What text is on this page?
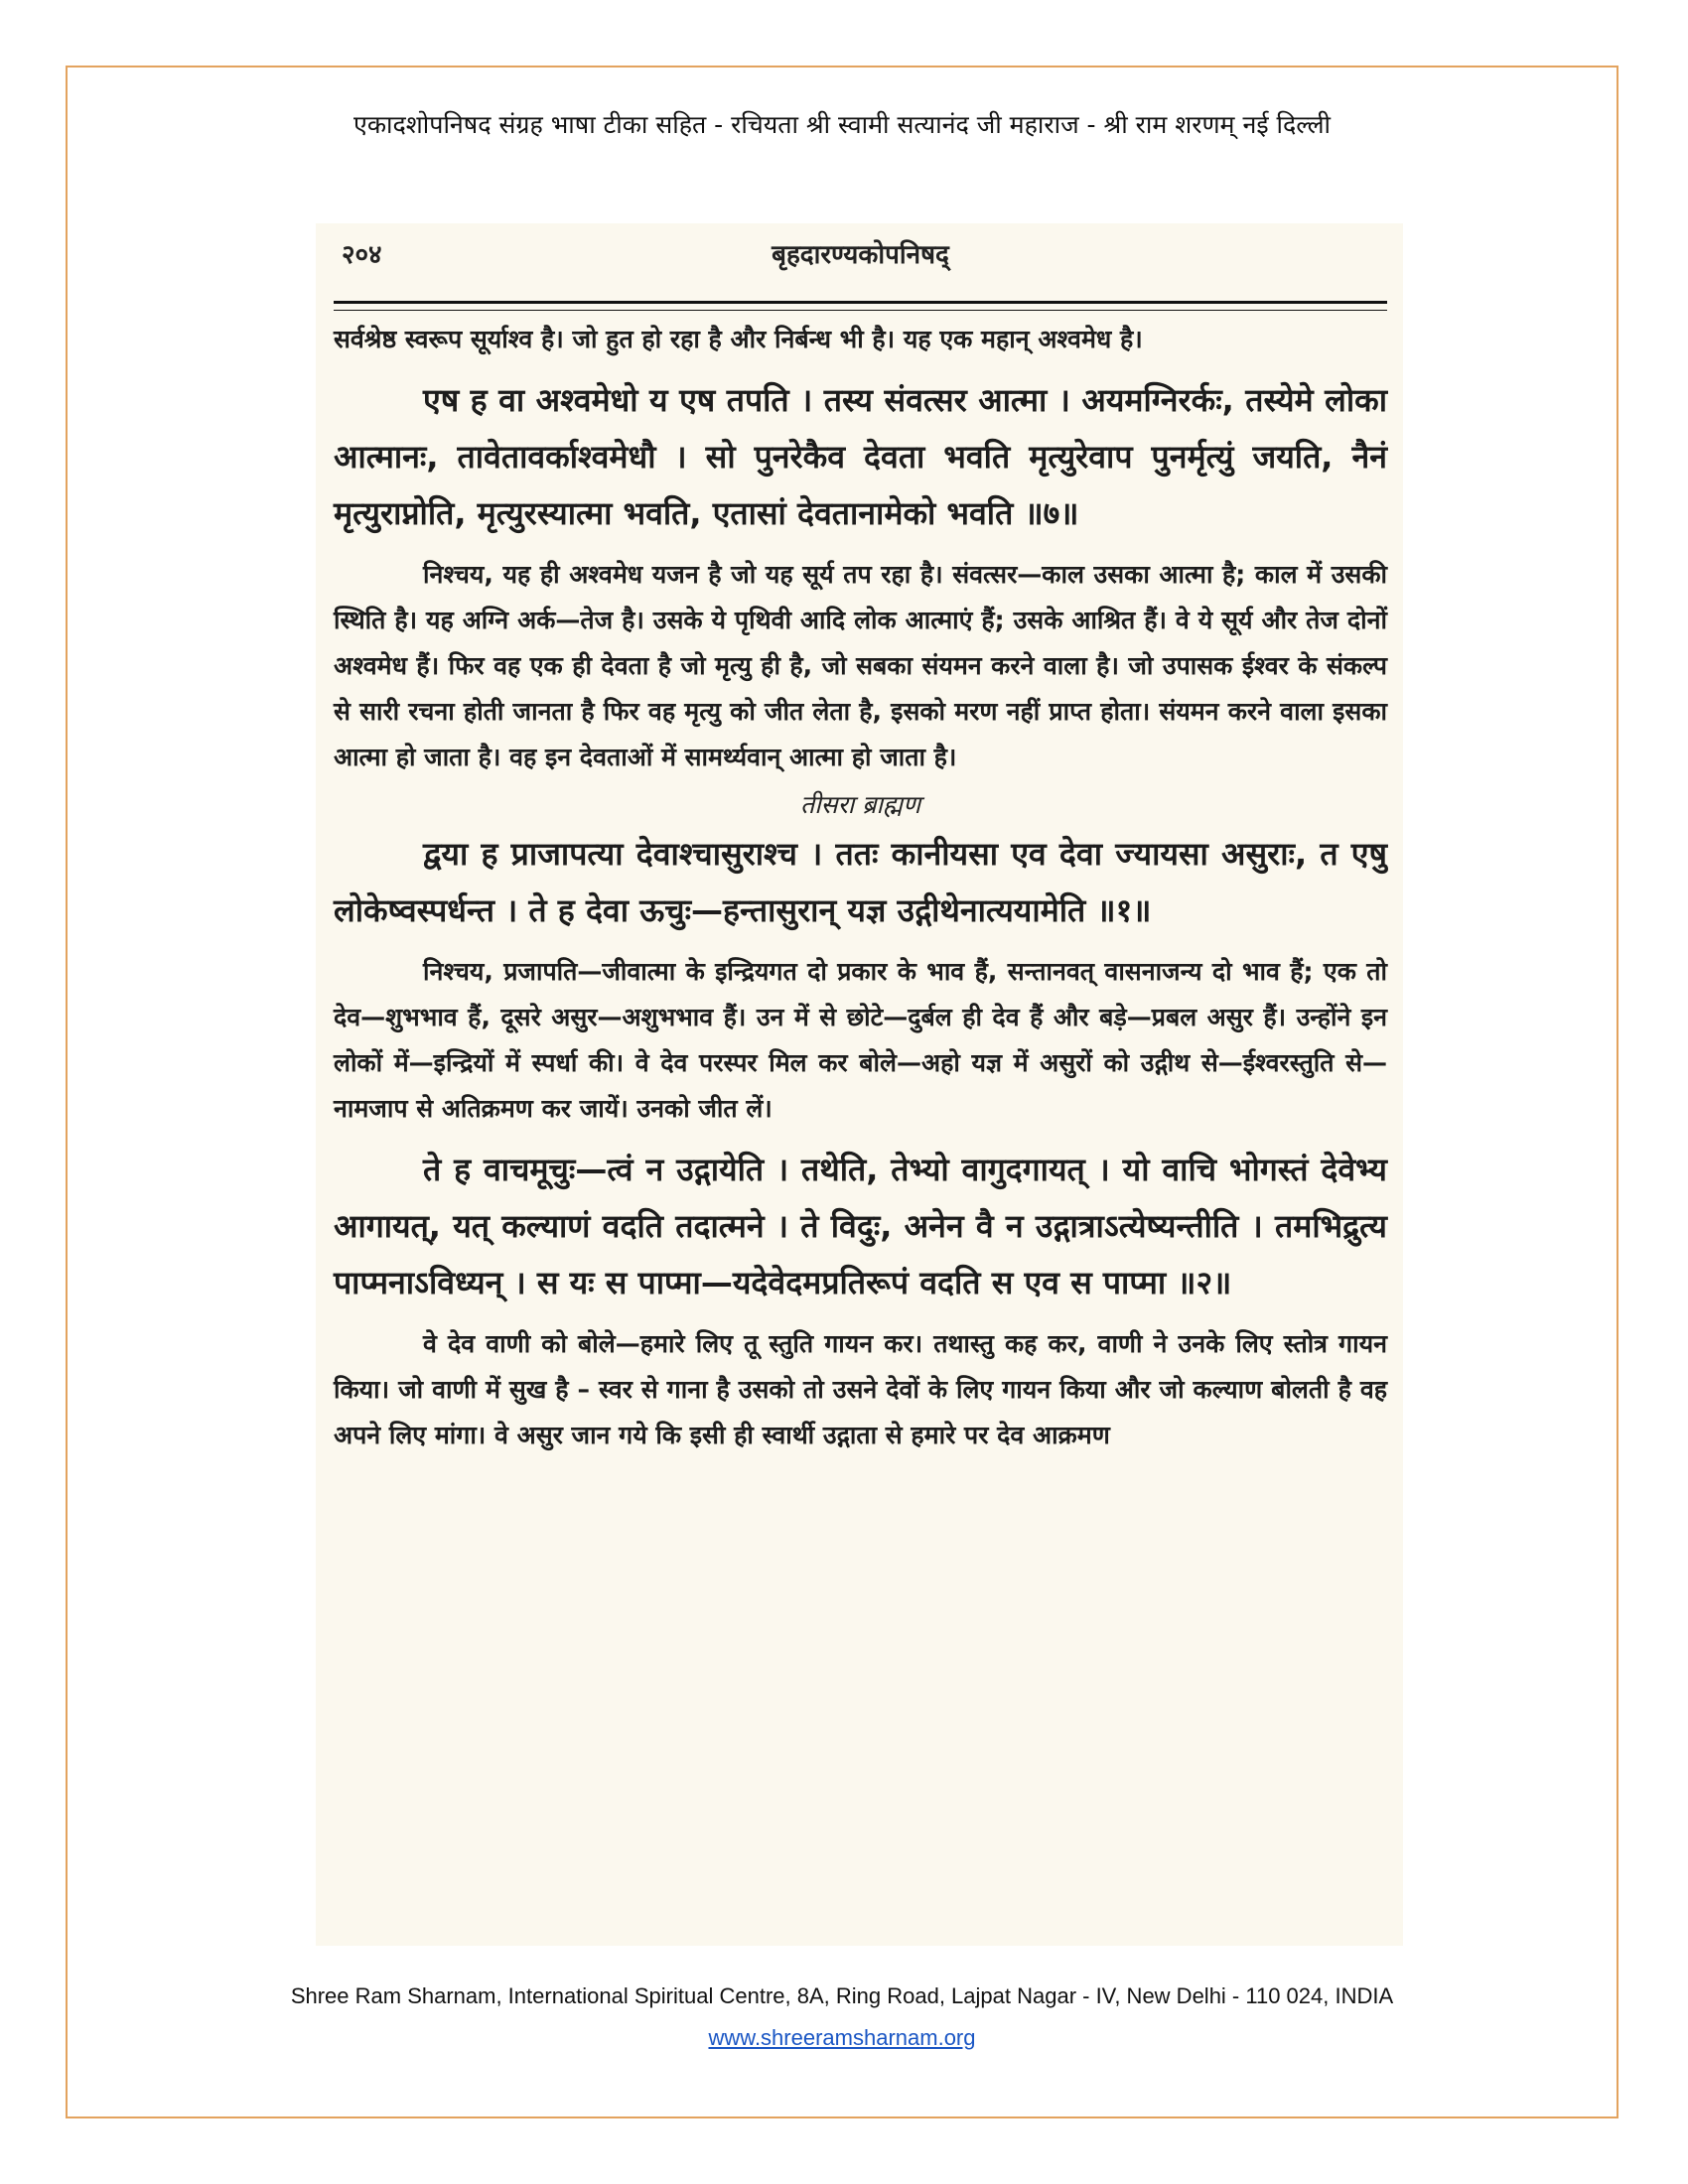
एकादशोपनिषद संग्रह भाषा टीका सहित - रचियता श्री स्वामी सत्यानंद जी महाराज - श्री राम शरणम् नई दिल्ली
२०४	बृहदारण्यकोपनिषद्

सर्वश्रेष्ठ स्वरूप सूर्याश्व है। जो हुत हो रहा है और निर्बन्ध भी है। यह एक महान् अश्वमेध है।

एष ह वा अश्वमेधो य एष तपति । तस्य संवत्सर आत्मा । अयमग्निरर्कः, तस्येमे लोका आत्मानः, तावेतावर्काश्वमेधौ । सो पुनरेकैव देवता भवति मृत्युरेवाप पुनर्मृत्युं जयति, नैनं मृत्युराप्नोति, मृत्युरस्यात्मा भवति, एतासां देवतानामेको भवति ॥७॥

निश्चय, यह ही अश्वमेध यजन है जो यह सूर्य तप रहा है। संवत्सर—काल उसका आत्मा है; काल में उसकी स्थिति है। यह अग्नि अर्क—तेज है। उसके ये पृथिवी आदि लोक आत्माएं हैं; उसके आश्रित हैं। वे ये सूर्य और तेज दोनों अश्वमेध हैं। फिर वह एक ही देवता है जो मृत्यु ही है, जो सबका संयमन करने वाला है। जो उपासक ईश्वर के संकल्प से सारी रचना होती जानता है फिर वह मृत्यु को जीत लेता है, इसको मरण नहीं प्राप्त होता। संयमन करने वाला इसका आत्मा हो जाता है। वह इन देवताओं में सामर्थ्यवान् आत्मा हो जाता है।

तीसरा ब्राह्मण

द्वया ह प्राजापत्या देवाश्चासुराश्च । ततः कानीयसा एव देवा ज्यायसा असुराः, त एषु लोकेष्वस्पर्धन्त । ते ह देवा ऊचुः—हन्तासुरान् यज्ञ उद्गीथेनात्ययामेति ॥१॥

निश्चय, प्रजापति—जीवात्मा के इन्द्रियगत दो प्रकार के भाव हैं, सन्तानवत् वासनाजन्य दो भाव हैं; एक तो देव—शुभभाव हैं, दूसरे असुर—अशुभभाव हैं। उन में से छोटे—दुर्बल ही देव हैं और बड़े—प्रबल असुर हैं। उन्होंने इन लोकों में—इन्द्रियों में स्पर्धा की। वे देव परस्पर मिल कर बोले—अहो यज्ञ में असुरों को उद्गीथ से—ईश्वरस्तुति से—नामजाप से अतिक्रमण कर जायें। उनको जीत लें।

ते ह वाचमूचुः—त्वं न उद्गायेति । तथेति, तेभ्यो वागुदगायत् । यो वाचि भोगस्तं देवेभ्य आगायत्, यत् कल्याणं वदति तदात्मने । ते विदुः, अनेन वै न उद्गात्राऽत्येष्यन्तीति । तमभिद्रुत्य पाप्मनाऽविध्यन् । स यः स पाप्मा—यदेवेदमप्रतिरूपं वदति स एव स पाप्मा ॥२॥

वे देव वाणी को बोले—हमारे लिए तू स्तुति गायन कर। तथास्तु कह कर, वाणी ने उनके लिए स्तोत्र गायन किया। जो वाणी में सुख है – स्वर से गाना है उसको तो उसने देवों के लिए गायन किया और जो कल्याण बोलती है वह अपने लिए मांगा। वे असुर जान गये कि इसी ही स्वार्थी उद्गाता से हमारे पर देव आक्रमण

Shree Ram Sharnam, International Spiritual Centre, 8A, Ring Road, Lajpat Nagar - IV, New Delhi - 110 024, INDIA
www.shreeramsharnam.org
